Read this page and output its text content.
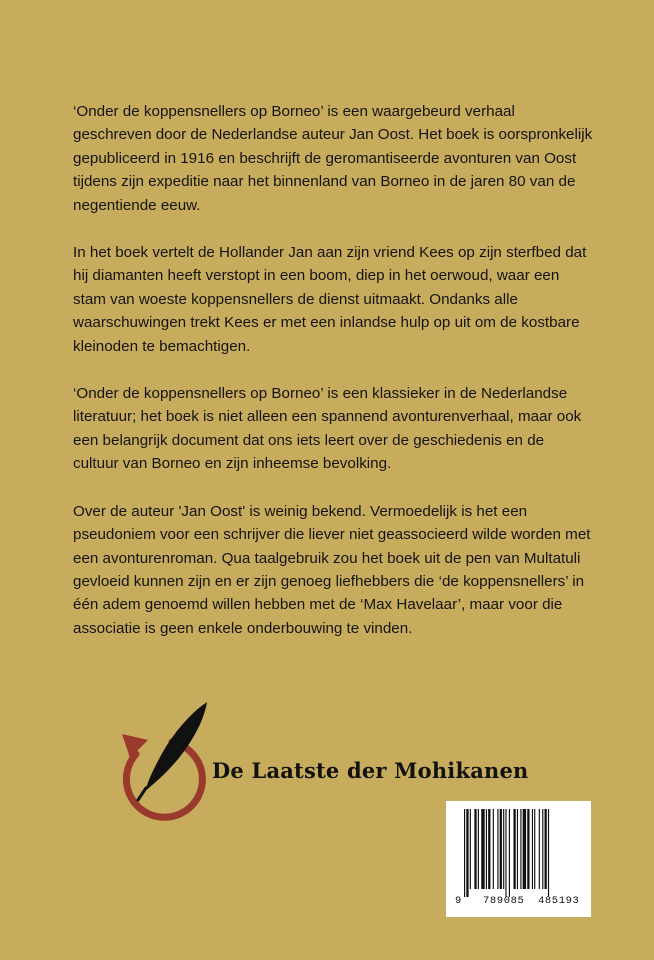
‘Onder de koppensnellers op Borneo’ is een waargebeurd verhaal geschreven door de Nederlandse auteur Jan Oost. Het boek is oorspronkelijk gepubliceerd in 1916 en beschrijft de geromantiseerde avonturen van Oost tijdens zijn expeditie naar het binnenland van Borneo in de jaren 80 van de negentiende eeuw.

In het boek vertelt de Hollander Jan aan zijn vriend Kees op zijn sterfbed dat hij diamanten heeft verstopt in een boom, diep in het oerwoud, waar een stam van woeste koppensnellers de dienst uitmaakt. Ondanks alle waarschuwingen trekt Kees er met een inlandse hulp op uit om de kostbare kleinoden te bemachtigen.

‘Onder de koppensnellers op Borneo’ is een klassieker in de Nederlandse literatuur; het boek is niet alleen een spannend avonturenverhaal, maar ook een belangrijk document dat ons iets leert over de geschiedenis en de cultuur van Borneo en zijn inheemse bevolking.

Over de auteur 'Jan Oost' is weinig bekend. Vermoedelijk is het een pseudoniem voor een schrijver die liever niet geassocieerd wilde worden met een avonturenroman. Qua taalgebruik zou het boek uit de pen van Multatuli gevloeid kunnen zijn en er zijn genoeg liefhebbers die ‘de koppensnellers’ in één adem genoemd willen hebben met de ‘Max Havelaar’, maar voor die associatie is geen enkele onderbouwing te vinden.

De Laatste der Mohikanen
9 789085 485193
